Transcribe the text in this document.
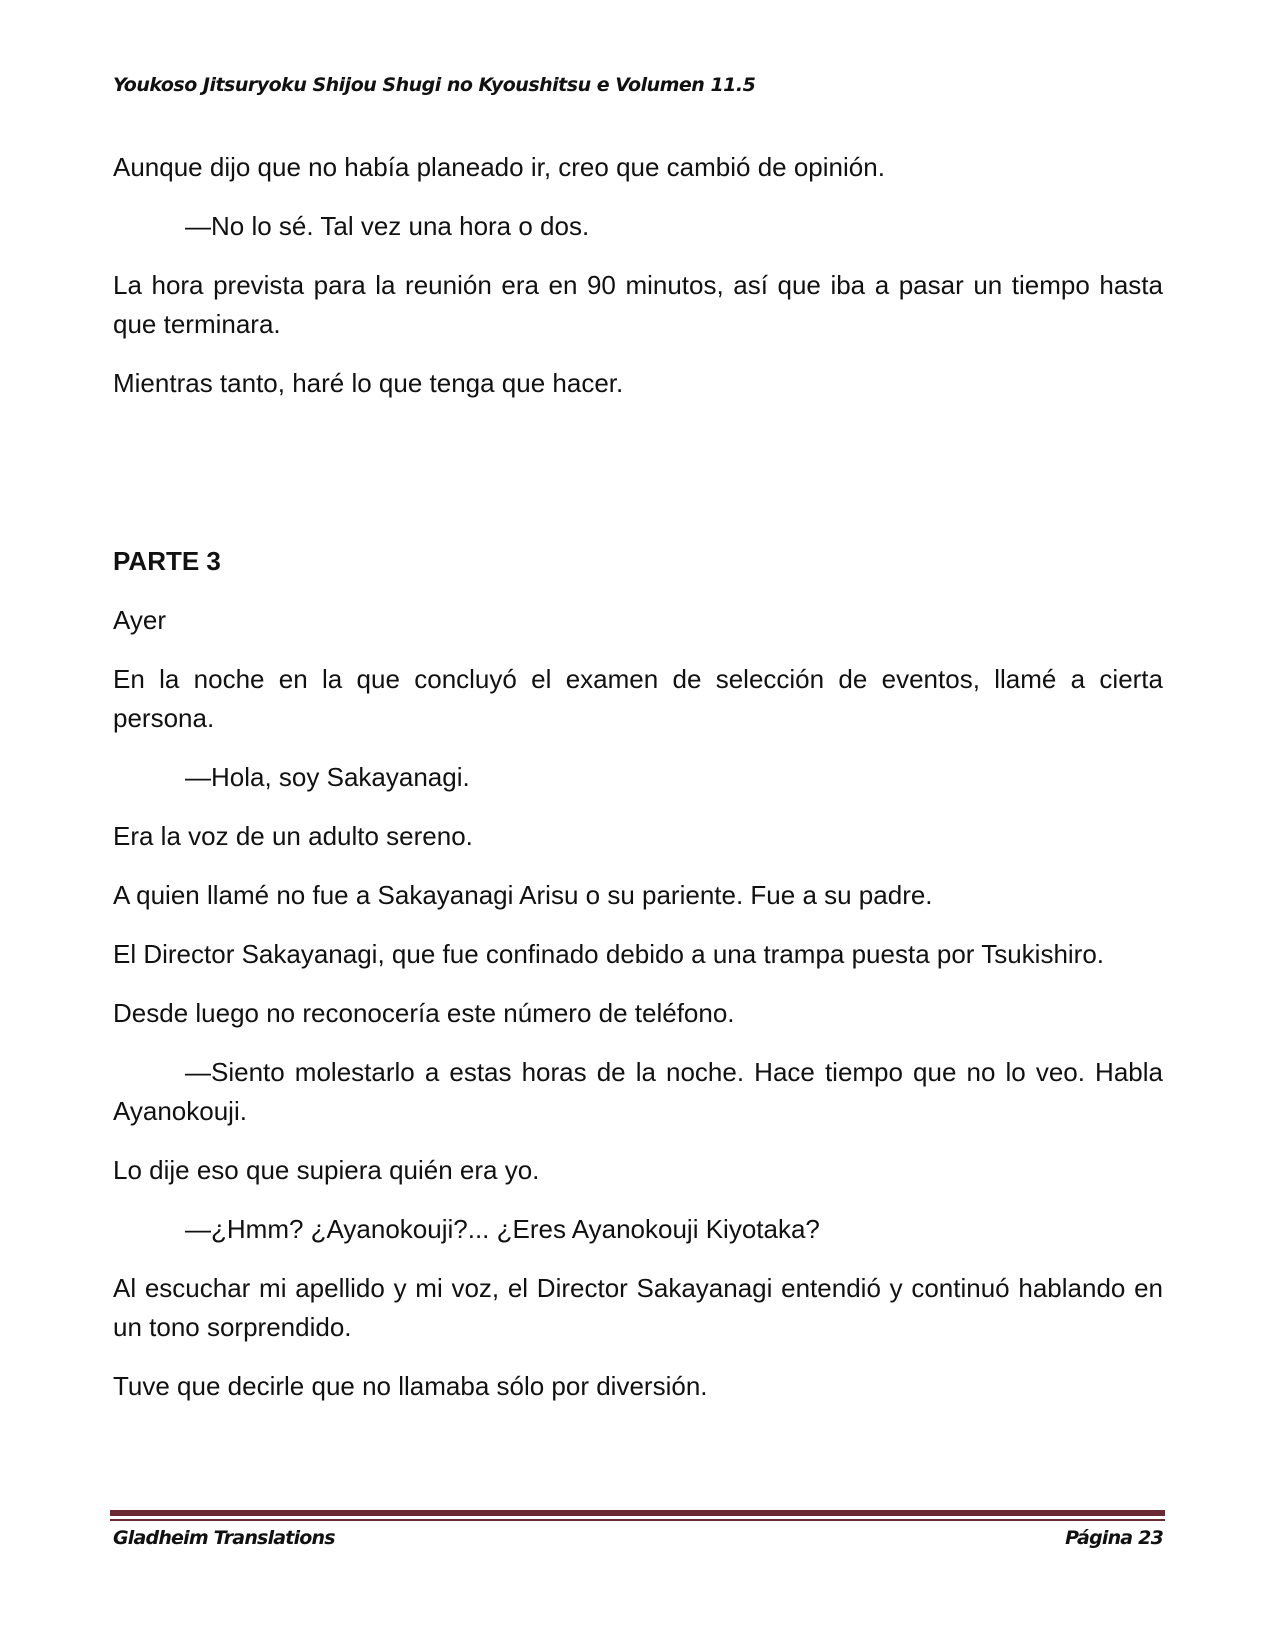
Youkoso Jitsuryoku Shijou Shugi no Kyoushitsu e Volumen 11.5

Aunque dijo que no había planeado ir, creo que cambió de opinión.

—No lo sé. Tal vez una hora o dos.

La hora prevista para la reunión era en 90 minutos, así que iba a pasar un tiempo hasta que terminara.

Mientras tanto, haré lo que tenga que hacer.

PARTE 3

Ayer

En la noche en la que concluyó el examen de selección de eventos, llamé a cierta persona.

—Hola, soy Sakayanagi.

Era la voz de un adulto sereno.

A quien llamé no fue a Sakayanagi Arisu o su pariente. Fue a su padre.

El Director Sakayanagi, que fue confinado debido a una trampa puesta por Tsukishiro.

Desde luego no reconocería este número de teléfono.

—Siento molestarlo a estas horas de la noche. Hace tiempo que no lo veo. Habla Ayanokouji.

Lo dije eso que supiera quién era yo.

—¿Hmm? ¿Ayanokouji?... ¿Eres Ayanokouji Kiyotaka?

Al escuchar mi apellido y mi voz, el Director Sakayanagi entendió y continuó hablando en un tono sorprendido.

Tuve que decirle que no llamaba sólo por diversión.

Gladheim Translations	Página 23
